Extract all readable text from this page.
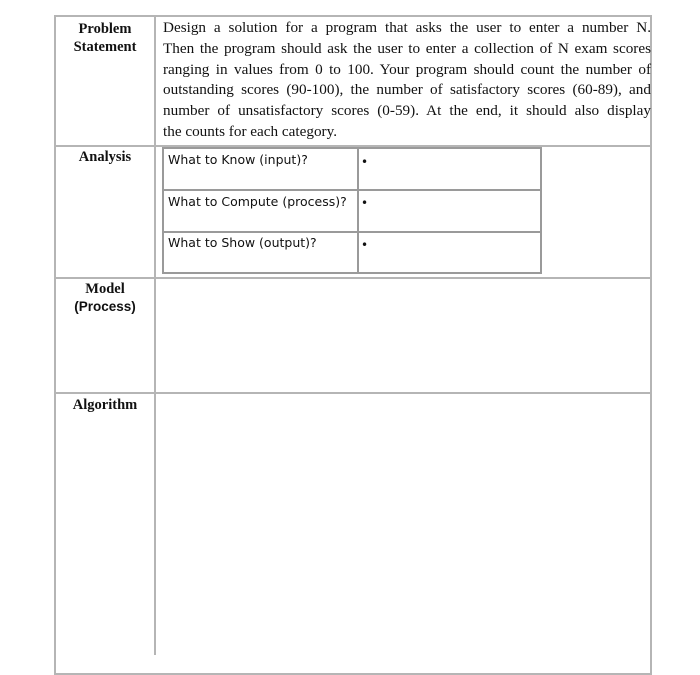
Problem
Statement
Design a solution for a program that asks the user to enter a number N.
Then the program should ask the user to enter a collection of N exam scores
ranging in values from 0 to 100. Your program should count the number of
outstanding scores (90-100), the number of satisfactory scores (60-89), and
number of unsatisfactory scores (0-59). At the end, it should also display
the counts for each category.
Analysis	What to Know (input)?	•
What to Compute (process)? •
What to Show (output)?	•
Model
(Process)
Algorithm
